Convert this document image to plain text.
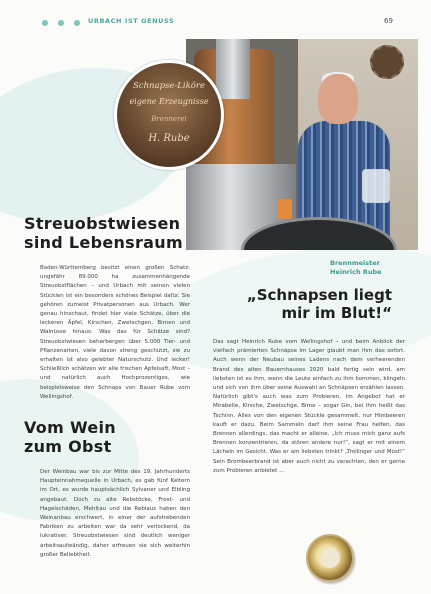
URBACH IST GENUSS	69
Schnapse-Liköre
eigene Erzeugnisse
Brennerei
H. Rube
Brennmeister
Heinrich Rube
Streuobstwiesen
sind Lebensraum
Baden-Württemberg besitzt einen großen Schatz: ungefähr 89.000 ha zusammenhängende Streuobstflächen – und Urbach mit seinen vielen Stücklen ist ein besonders schönes Beispiel dafür. Sie gehören zumeist Privatpersonen aus Urbach. Wer genau hinschaut, findet hier viele Schätze, über die leckeren Äpfel, Kirschen, Zwetschgen, Birnen und Walnüsse hinaus. Was das für Schätze sind? Streuobstwiesen beherbergen über 5.000 Tier- und Pflanzenarten, viele davon streng geschützt, sie zu erhalten ist also gelebter Naturschutz. Und lecker! Schließlich schätzen wir alle frischen Apfelsaft, Most – und natürlich auch Hochprozentiges, wie beispielsweise den Schnaps von Bauer Rube vom Wellingshof.
„Schnapsen liegt
mir im Blut!“
Das sagt Heinrich Rube vom Wellingshof – und beim Anblick der vielfach prämierten Schnäpse im Lager glaubt man ihm das sofort. Auch wenn der Neubau seines Ladens nach dem verheerenden Brand des alten Bauernhauses 2020 bald fertig sein wird, am liebsten ist es ihm, wenn die Leute einfach zu ihm kommen, klingeln und sich von ihm über seine Auswahl an Schnäpsen erzählen lassen. Natürlich gibt's auch was zum Probieren. Im Angebot hat er Mirabelle, Kirsche, Zwetschge, Birne – sogar Gin, bei ihm heißt das Tschinn. Alles von den eigenen Stückle gesammelt, nur Himbeeren kauft er dazu. Beim Sammeln darf ihm seine Frau helfen, das Brennen allerdings, das macht er alleine. „Ich muss mich ganz aufs Brennen konzentrieren, da stören andere nur!“, sagt er mit einem Lächeln im Gesicht. Was er am liebsten trinkt? „Trollinger und Most!“ Sein Brombeerbrand ist aber auch nicht zu verachten, den er gerne zum Probieren anbietet …
Vom Wein
zum Obst
Der Weinbau war bis zur Mitte des 19. Jahrhunderts Haupteinnahmequelle in Urbach, es gab fünf Keltern im Ort, es wurde hauptsächlich Sylvaner und Elbling angebaut. Doch zu alte Rebstöcke, Frost- und Hagelschäden, Mehltau und die Reblaus haben den Weinanbau erschwert, in einer der aufstrebenden Fabriken zu arbeiten war da sehr verlockend, da lukrativer. Streuobstwiesen sind deutlich weniger arbeitsaufwändig, daher erfreuen sie sich weiterhin großer Beliebtheit.
